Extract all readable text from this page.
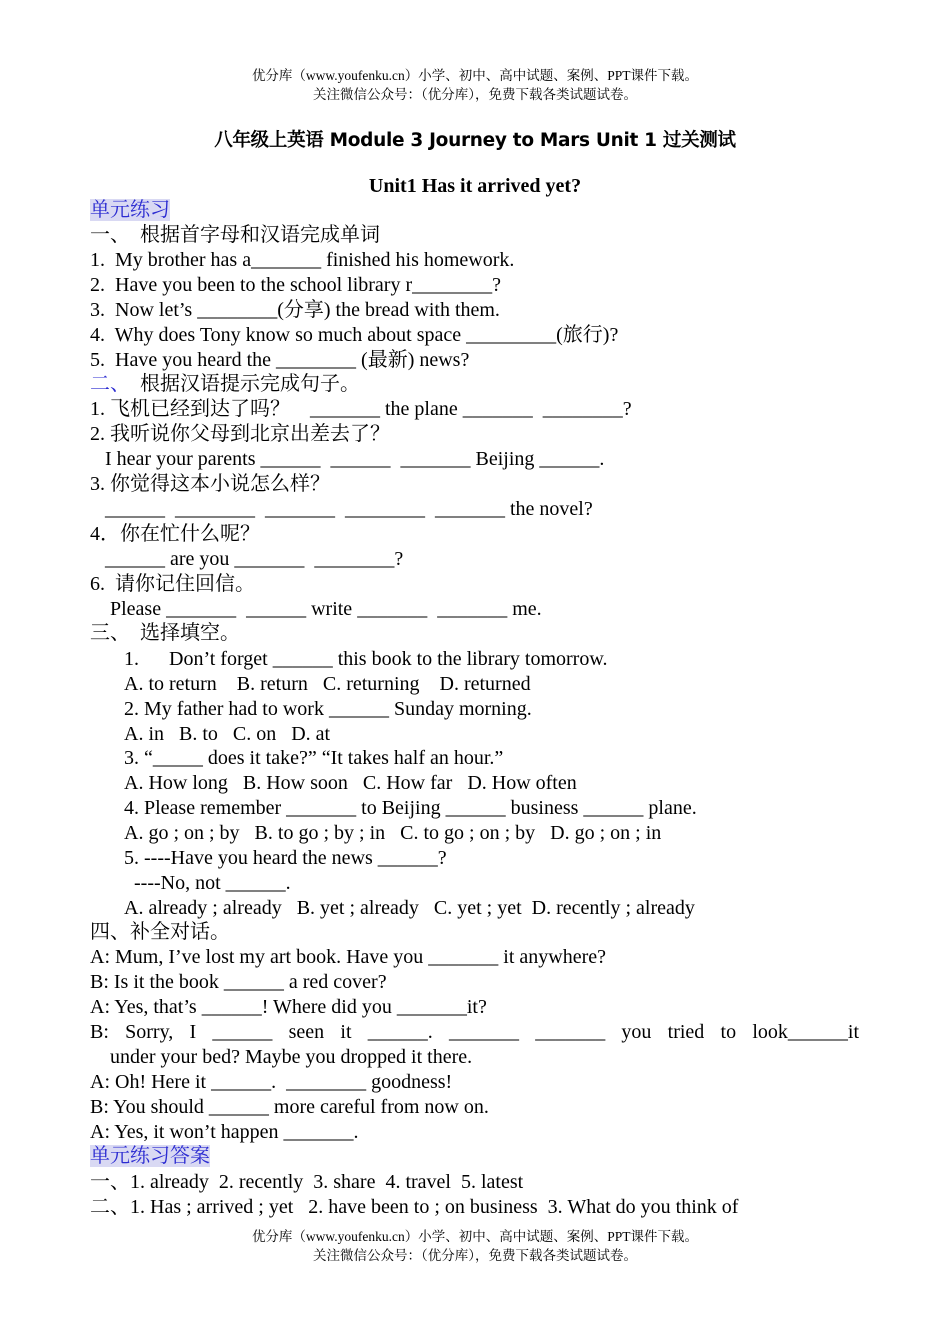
优分库（www.youfenku.cn）小学、初中、高中试题、案例、PPT课件下载。
关注微信公众号：（优分库），免费下载各类试题试卷。
八年级上英语 Module 3 Journey to Mars Unit 1 过关测试
Unit1 Has it arrived yet?
单元练习
一、  根据首字母和汉语完成单词
1.  My brother has a_______ finished his homework.
2.  Have you been to the school library r________?
3.  Now let’s ________(分享) the bread with them.
4.  Why does Tony know so much about space _________(旅行)?
5.  Have you heard the ________ (最新) news?
二、  根据汉语提示完成句子。
1. 飞机已经到达了吗？    _______ the plane _______  ________?
2. 我听说你父母到北京出差去了？
I hear your parents ______  ______  _______ Beijing ______.
3. 你觉得这本小说怎么样？
______  ________  _______  ________  _______ the novel?
4．你在忙什么呢？
______ are you _______  ________?
6.  请你记住回信。
Please _______  ______ write _______  _______ me.
三、  选择填空。
1.      Don’t forget ______ this book to the library tomorrow.
A. to return    B. return   C. returning    D. returned
2. My father had to work ______ Sunday morning.
A. in   B. to   C. on   D. at
3. “_____ does it take?” “It takes half an hour.”
A. How long   B. How soon   C. How far   D. How often
4. Please remember _______ to Beijing ______ business ______ plane.
A. go ; on ; by   B. to go ; by ; in   C. to go ; on ; by   D. go ; on ; in
5. ----Have you heard the news ______?
----No, not ______.
A. already ; already   B. yet ; already   C. yet ; yet  D. recently ; already
四、补全对话。
A: Mum, I’ve lost my art book. Have you _______ it anywhere?
B: Is it the book ______ a red cover?
A: Yes, that’s ______! Where did you _______it?
B: Sorry, I ______ seen it ______. _______ _______ you tried to look______it
under your bed? Maybe you dropped it there.
A: Oh! Here it ______.  ________ goodness!
B: You should ______ more careful from now on.
A: Yes, it won’t happen _______.
单元练习答案
一、1. already  2. recently  3. share  4. travel  5. latest
二、1. Has ; arrived ; yet   2. have been to ; on business  3. What do you think of
优分库（www.youfenku.cn）小学、初中、高中试题、案例、PPT课件下载。
关注微信公众号：（优分库），免费下载各类试题试卷。
